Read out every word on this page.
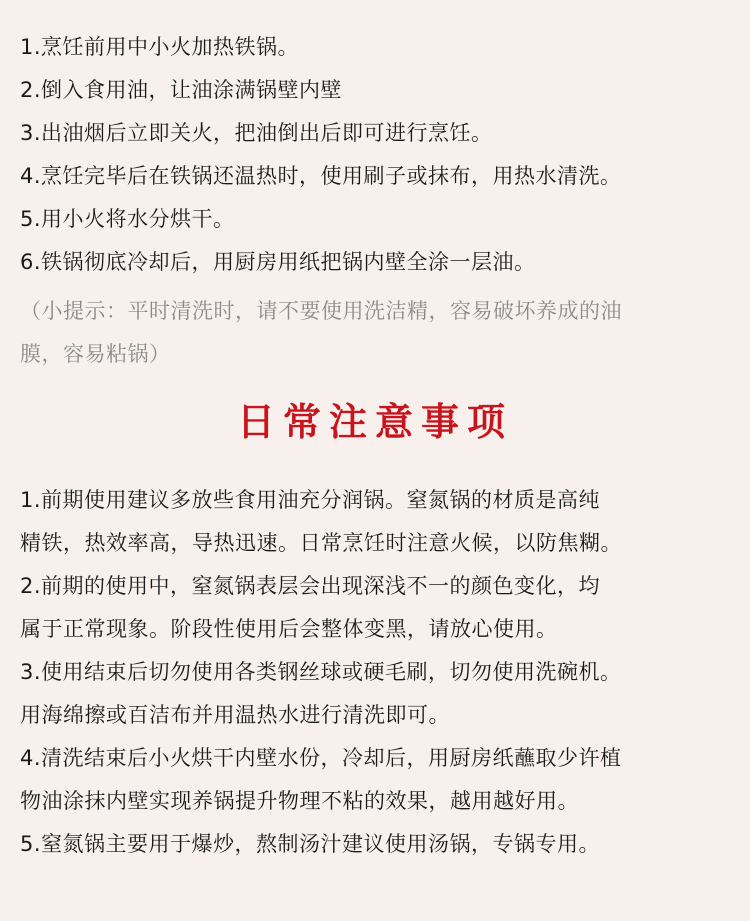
1.烹饪前用中小火加热铁锅。

2.倒入食用油，让油涂满锅壁内壁

3.出油烟后立即关火，把油倒出后即可进行烹饪。

4.烹饪完毕后在铁锅还温热时，使用刷子或抹布，用热水清洗。

5.用小火将水分烘干。

6.铁锅彻底冷却后，用厨房用纸把锅内壁全涂一层油。

（小提示：平时清洗时，请不要使用洗洁精，容易破坏养成的油

膜，容易粘锅）

日常注意事项

1.前期使用建议多放些食用油充分润锅。窒氮锅的材质是高纯

精铁，热效率高，导热迅速。日常烹饪时注意火候，以防焦糊。

2.前期的使用中，窒氮锅表层会出现深浅不一的颜色变化，均

属于正常现象。阶段性使用后会整体变黑，请放心使用。

3.使用结束后切勿使用各类钢丝球或硬毛刷，切勿使用洗碗机。

用海绵擦或百洁布并用温热水进行清洗即可。

4.清洗结束后小火烘干内壁水份，冷却后，用厨房纸蘸取少许植

物油涂抹内壁实现养锅提升物理不粘的效果，越用越好用。

5.窒氮锅主要用于爆炒，熬制汤汁建议使用汤锅，专锅专用。
